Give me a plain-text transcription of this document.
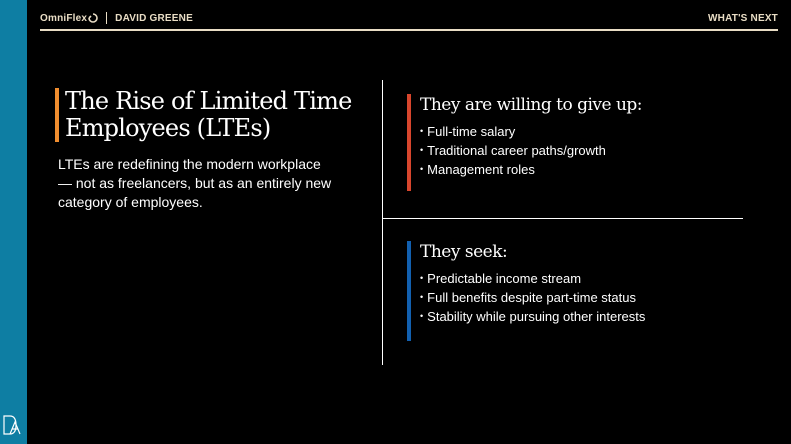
OmniFlex	DAVID GREENE	WHAT'S NEXT
The Rise of Limited Time Employees (LTEs)
LTEs are redefining the modern workplace — not as freelancers, but as an entirely new category of employees.
They are willing to give up:
• Full-time salary
• Traditional career paths/growth
• Management roles
They seek:
• Predictable income stream
• Full benefits despite part-time status
• Stability while pursuing other interests
